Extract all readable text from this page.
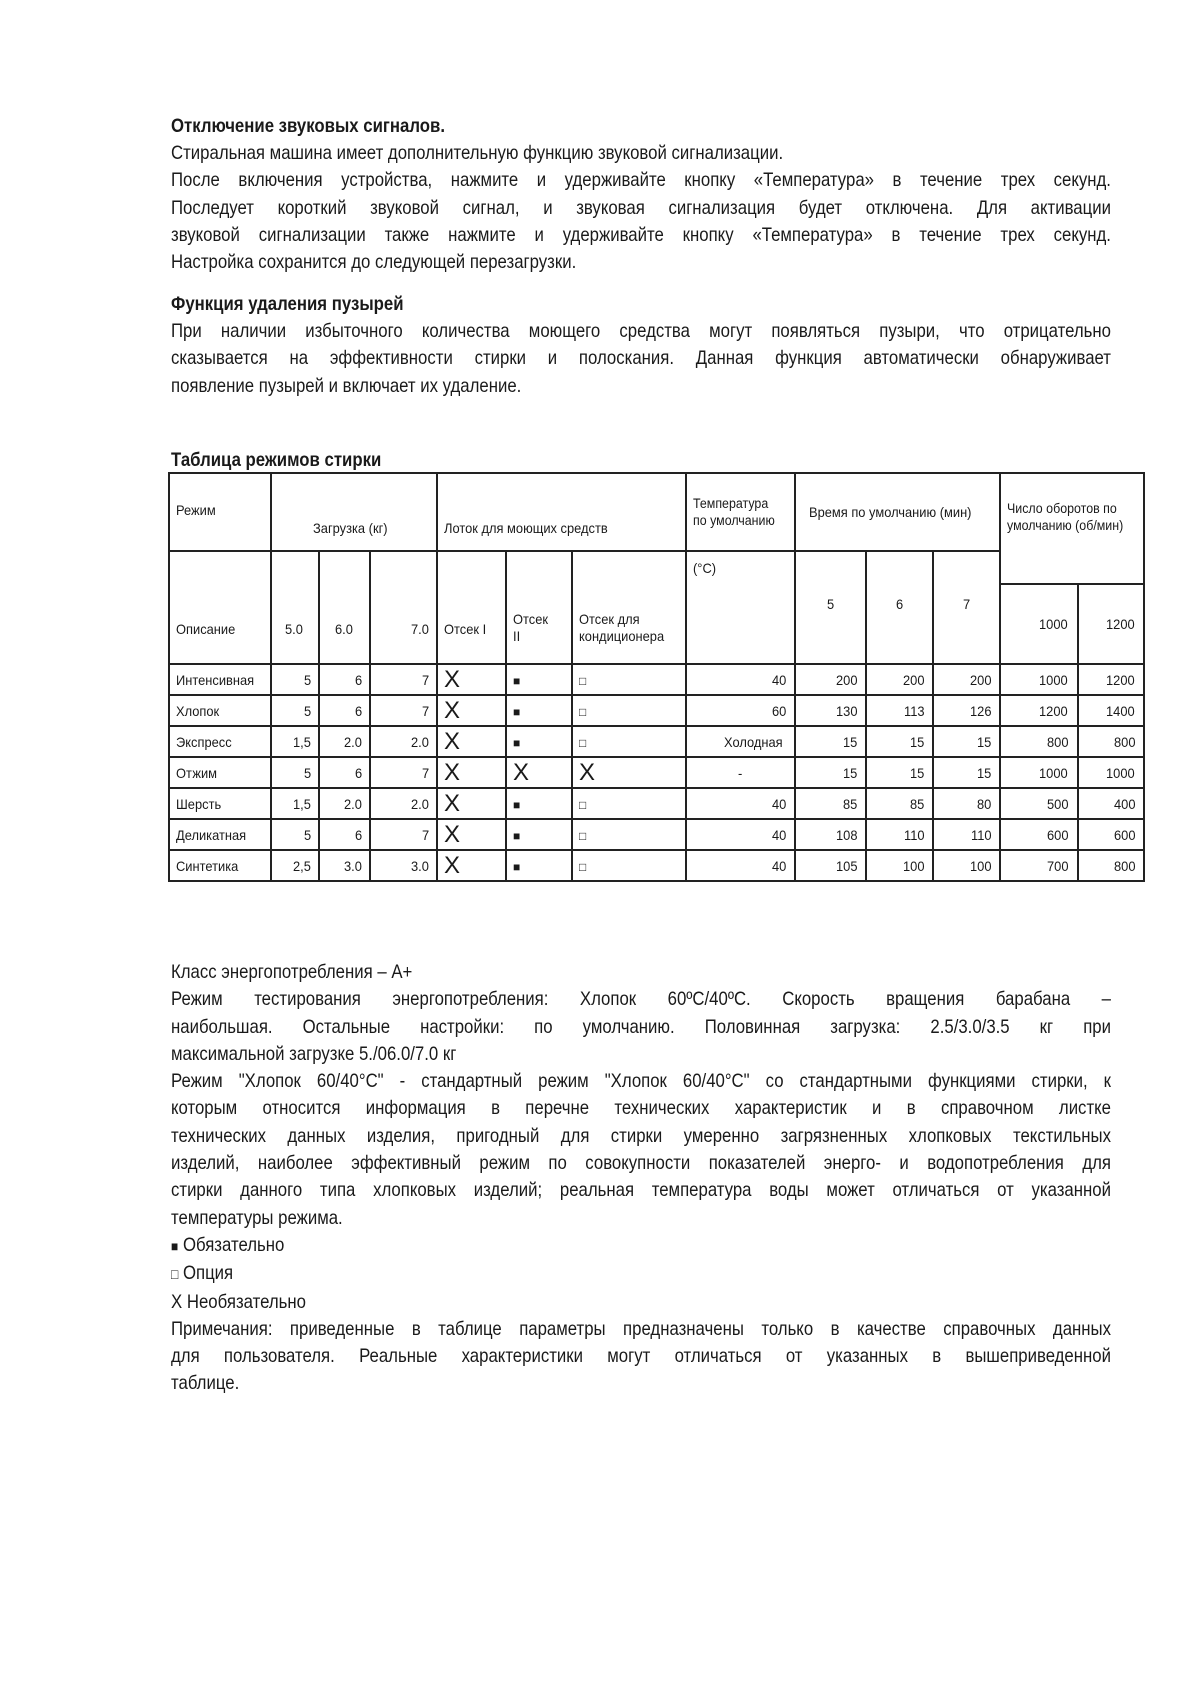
Отключение звуковых сигналов.
Стиральная машина имеет дополнительную функцию звуковой сигнализации.
После включения устройства, нажмите и удерживайте кнопку «Температура» в течение трех секунд.
Последует короткий звуковой сигнал, и звуковая сигнализация будет отключена. Для активации
звуковой сигнализации также нажмите и удерживайте кнопку «Температура» в течение трех секунд.
Настройка сохранится до следующей перезагрузки.
Функция удаления пузырей
При наличии избыточного количества моющего средства могут появляться пузыри, что отрицательно
сказывается на эффективности стирки и полоскания. Данная функция автоматически обнаруживает
появление пузырей и включает их удаление.
Таблица режимов стирки
Режим	Загрузка (кг)			Лоток для моющих средств			Температура по умолчанию	Время по умолчанию (мин)			Число оборотов по умолчанию (об/мин)	
Описание	5.0	6.0	7.0	Отсек I	Отсек II	Отсек для кондиционера	(°C)	5	6	7		
											1000	1200
Интенсивная	5	6	7	X	■	□	40	200	200	200	1000	1200
Хлопок	5	6	7	X	■	□	60	130	113	126	1200	1400
Экспресс	1,5	2.0	2.0	X	■	□	Холодная	15	15	15	800	800
Отжим	5	6	7	X	X	X	-	15	15	15	1000	1000
Шерсть	1,5	2.0	2.0	X	■	□	40	85	85	80	500	400
Деликатная	5	6	7	X	■	□	40	108	110	110	600	600
Синтетика	2,5	3.0	3.0	X	■	□	40	105	100	100	700	800
Класс энергопотребления – А+
Режим тестирования энергопотребления: Хлопок 60ºC/40ºC. Скорость вращения барабана –
наибольшая. Остальные настройки: по умолчанию. Половинная загрузка: 2.5/3.0/3.5 кг при
максимальной загрузке 5./06.0/7.0 кг
Режим "Хлопок 60/40°C" - стандартный режим "Хлопок 60/40°C" со стандартными функциями стирки, к
которым относится информация в перечне технических характеристик и в справочном листке
технических данных изделия, пригодный для стирки умеренно загрязненных хлопковых текстильных
изделий, наиболее эффективный режим по совокупности показателей энерго- и водопотребления для
стирки данного типа хлопковых изделий; реальная температура воды может отличаться от указанной
температуры режима.
■ Обязательно
□ Опция
X Необязательно
Примечания: приведенные в таблице параметры предназначены только в качестве справочных данных
для пользователя. Реальные характеристики могут отличаться от указанных в вышеприведенной
таблице.
